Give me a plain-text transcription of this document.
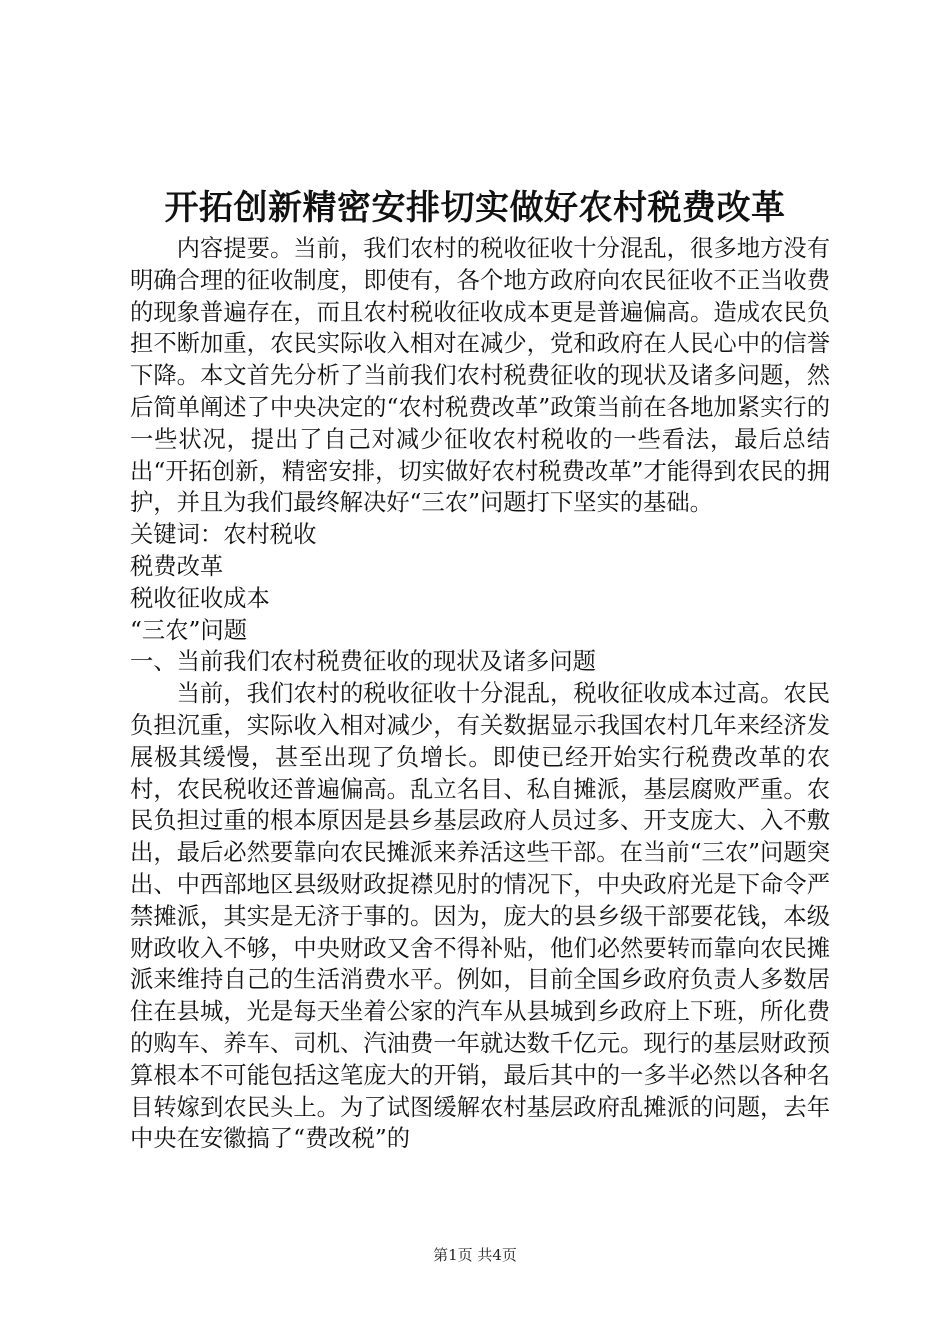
开拓创新精密安排切实做好农村税费改革

内容提要。当前，我们农村的税收征收十分混乱，很多地方没有明确合理的征收制度，即使有，各个地方政府向农民征收不正当收费的现象普遍存在，而且农村税收征收成本更是普遍偏高。造成农民负担不断加重，农民实际收入相对在减少，党和政府在人民心中的信誉下降。本文首先分析了当前我们农村税费征收的现状及诸多问题，然后简单阐述了中央决定的“农村税费改革”政策当前在各地加紧实行的一些状况，提出了自己对减少征收农村税收的一些看法，最后总结出“开拓创新，精密安排，切实做好农村税费改革”才能得到农民的拥护，并且为我们最终解决好“三农”问题打下坚实的基础。

关键词：农村税收

税费改革

税收征收成本

“三农”问题

一、当前我们农村税费征收的现状及诸多问题

当前，我们农村的税收征收十分混乱，税收征收成本过高。农民负担沉重，实际收入相对减少，有关数据显示我国农村几年来经济发展极其缓慢，甚至出现了负增长。即使已经开始实行税费改革的农村，农民税收还普遍偏高。乱立名目、私自摊派，基层腐败严重。农民负担过重的根本原因是县乡基层政府人员过多、开支庞大、入不敷出，最后必然要靠向农民摊派来养活这些干部。在当前“三农”问题突出、中西部地区县级财政捉襟见肘的情况下，中央政府光是下命令严禁摊派，其实是无济于事的。因为，庞大的县乡级干部要花钱，本级财政收入不够，中央财政又舍不得补贴，他们必然要转而靠向农民摊派来维持自己的生活消费水平。例如，目前全国乡政府负责人多数居住在县城，光是每天坐着公家的汽车从县城到乡政府上下班，所化费的购车、养车、司机、汽油费一年就达数千亿元。现行的基层财政预算根本不可能包括这笔庞大的开销，最后其中的一多半必然以各种名目转嫁到农民头上。为了试图缓解农村基层政府乱摊派的问题，去年中央在安徽搞了“费改税”的

第1页 共4页
